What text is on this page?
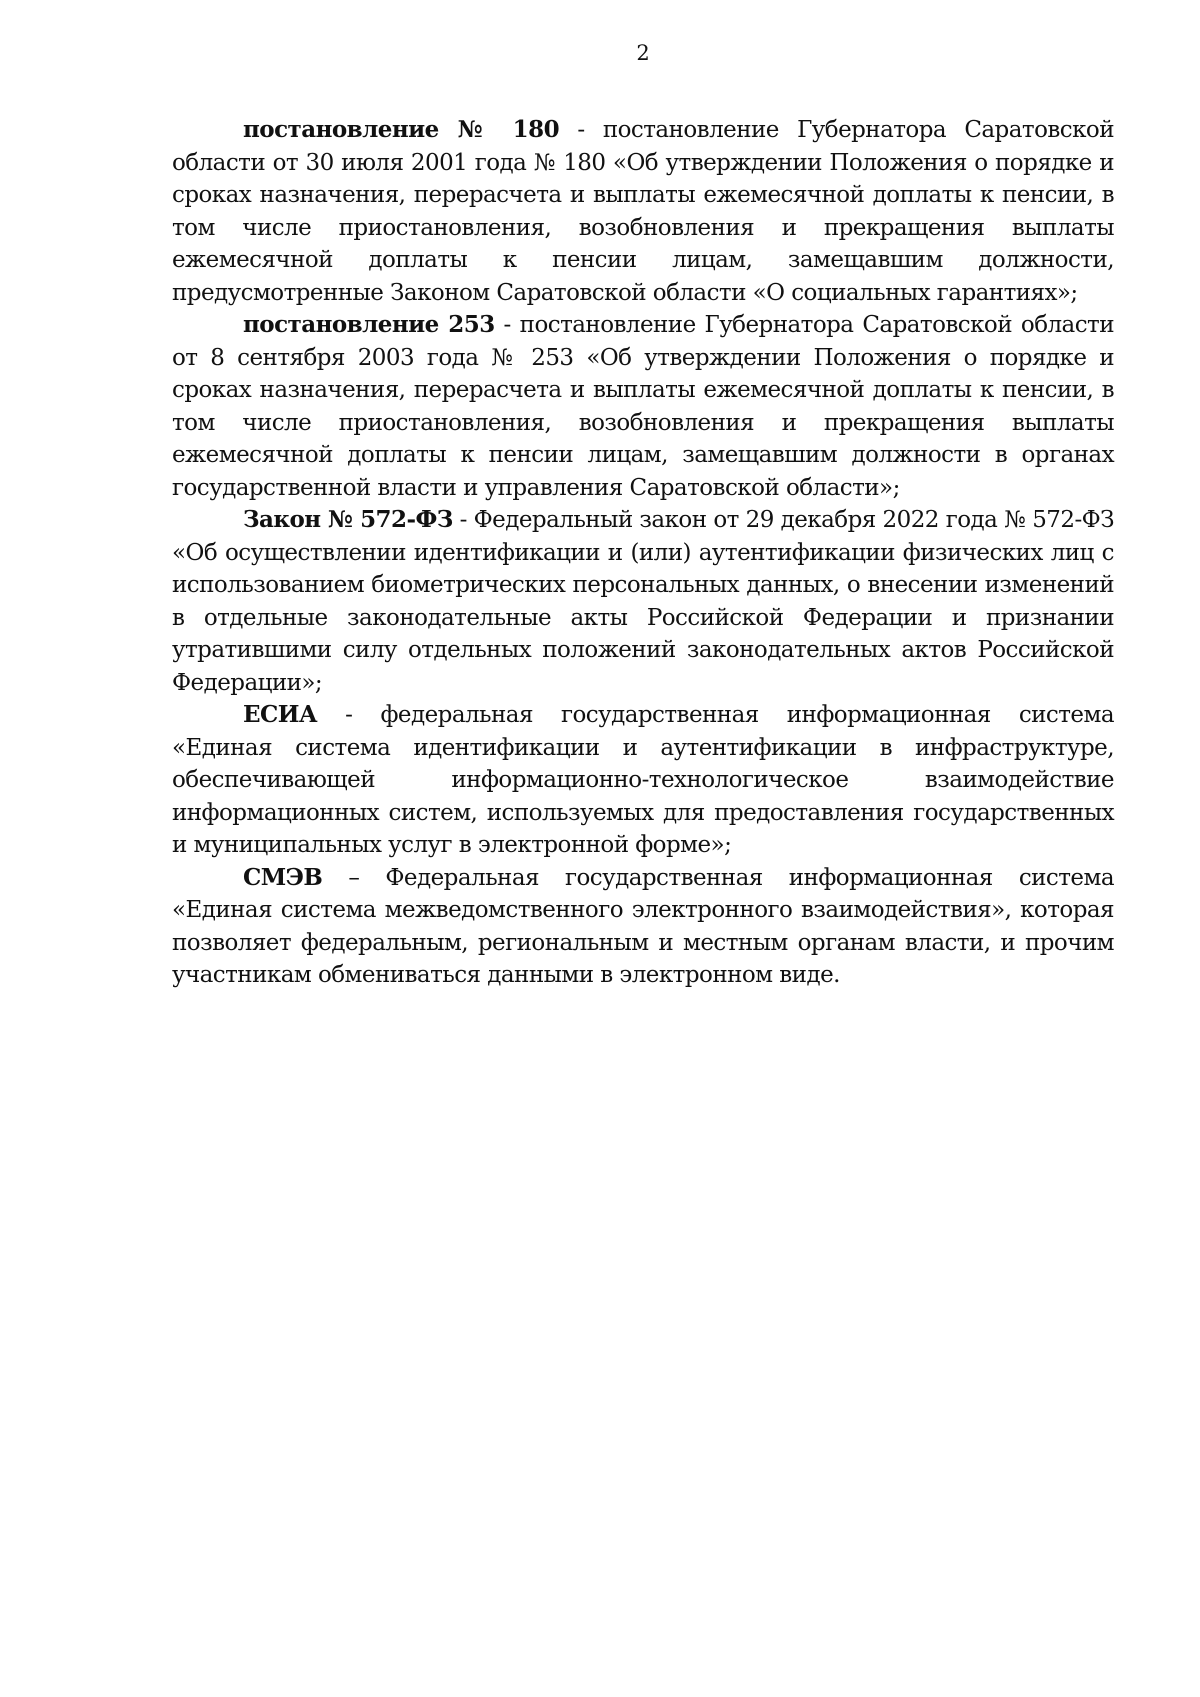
2

постановление № 180 - постановление Губернатора Саратовской области от 30 июля 2001 года № 180 «Об утверждении Положения о порядке и сроках назначения, перерасчета и выплаты ежемесячной доплаты к пенсии, в том числе приостановления, возобновления и прекращения выплаты ежемесячной доплаты к пенсии лицам, замещавшим должности, предусмотренные Законом Саратовской области «О социальных гарантиях»;

постановление 253 - постановление Губернатора Саратовской области от 8 сентября 2003 года № 253 «Об утверждении Положения о порядке и сроках назначения, перерасчета и выплаты ежемесячной доплаты к пенсии, в том числе приостановления, возобновления и прекращения выплаты ежемесячной доплаты к пенсии лицам, замещавшим должности в органах государственной власти и управления Саратовской области»;

Закон № 572-ФЗ - Федеральный закон от 29 декабря 2022 года № 572-ФЗ «Об осуществлении идентификации и (или) аутентификации физических лиц с использованием биометрических персональных данных, о внесении изменений в отдельные законодательные акты Российской Федерации и признании утратившими силу отдельных положений законодательных актов Российской Федерации»;

ЕСИА - федеральная государственная информационная система «Единая система идентификации и аутентификации в инфраструктуре, обеспечивающей информационно-технологическое взаимодействие информационных систем, используемых для предоставления государственных и муниципальных услуг в электронной форме»;

СМЭВ – Федеральная государственная информационная система «Единая система межведомственного электронного взаимодействия», которая позволяет федеральным, региональным и местным органам власти, и прочим участникам обмениваться данными в электронном виде.
